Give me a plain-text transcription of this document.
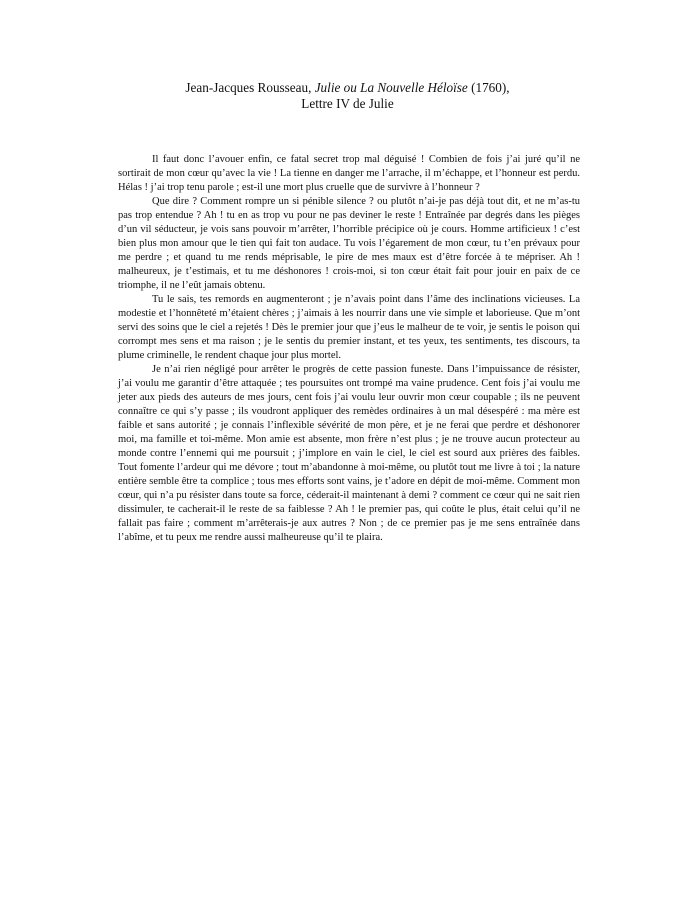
Jean-Jacques Rousseau, Julie ou La Nouvelle Héloïse (1760),
Lettre IV de Julie

Il faut donc l’avouer enfin, ce fatal secret trop mal déguisé ! Combien de fois j’ai juré qu’il ne sortirait de mon cœur qu’avec la vie ! La tienne en danger me l’arrache, il m’échappe, et l’honneur est perdu. Hélas ! j’ai trop tenu parole ; est-il une mort plus cruelle que de survivre à l’honneur ?

Que dire ? Comment rompre un si pénible silence ? ou plutôt n’ai-je pas déjà tout dit, et ne m’as-tu pas trop entendue ? Ah ! tu en as trop vu pour ne pas deviner le reste ! Entraînée par degrés dans les pièges d’un vil séducteur, je vois sans pouvoir m’arrêter, l’horrible précipice où je cours. Homme artificieux ! c’est bien plus mon amour que le tien qui fait ton audace. Tu vois l’égarement de mon cœur, tu t’en prévaux pour me perdre ; et quand tu me rends méprisable, le pire de mes maux est d’être forcée à te mépriser. Ah ! malheureux, je t’estimais, et tu me déshonores ! crois-moi, si ton cœur était fait pour jouir en paix de ce triomphe, il ne l’eût jamais obtenu.

Tu le sais, tes remords en augmenteront ; je n’avais point dans l’âme des inclinations vicieuses. La modestie et l’honnêteté m’étaient chères ; j’aimais à les nourrir dans une vie simple et laborieuse. Que m’ont servi des soins que le ciel a rejetés ! Dès le premier jour que j’eus le malheur de te voir, je sentis le poison qui corrompt mes sens et ma raison ; je le sentis du premier instant, et tes yeux, tes sentiments, tes discours, ta plume criminelle, le rendent chaque jour plus mortel.

Je n’ai rien négligé pour arrêter le progrès de cette passion funeste. Dans l’impuissance de résister, j’ai voulu me garantir d’être attaquée ; tes poursuites ont trompé ma vaine prudence. Cent fois j’ai voulu me jeter aux pieds des auteurs de mes jours, cent fois j’ai voulu leur ouvrir mon cœur coupable ; ils ne peuvent connaître ce qui s’y passe ; ils voudront appliquer des remèdes ordinaires à un mal désespéré : ma mère est faible et sans autorité ; je connais l’inflexible sévérité de mon père, et je ne ferai que perdre et déshonorer moi, ma famille et toi-même. Mon amie est absente, mon frère n’est plus ; je ne trouve aucun protecteur au monde contre l’ennemi qui me poursuit ; j’implore en vain le ciel, le ciel est sourd aux prières des faibles. Tout fomente l’ardeur qui me dévore ; tout m’abandonne à moi-même, ou plutôt tout me livre à toi ; la nature entière semble être ta complice ; tous mes efforts sont vains, je t’adore en dépit de moi-même. Comment mon cœur, qui n’a pu résister dans toute sa force, céderait-il maintenant à demi ? comment ce cœur qui ne sait rien dissimuler, te cacherait-il le reste de sa faiblesse ? Ah ! le premier pas, qui coûte le plus, était celui qu’il ne fallait pas faire ; comment m’arrêterais-je aux autres ? Non ; de ce premier pas je me sens entraînée dans l’abîme, et tu peux me rendre aussi malheureuse qu’il te plaira.
